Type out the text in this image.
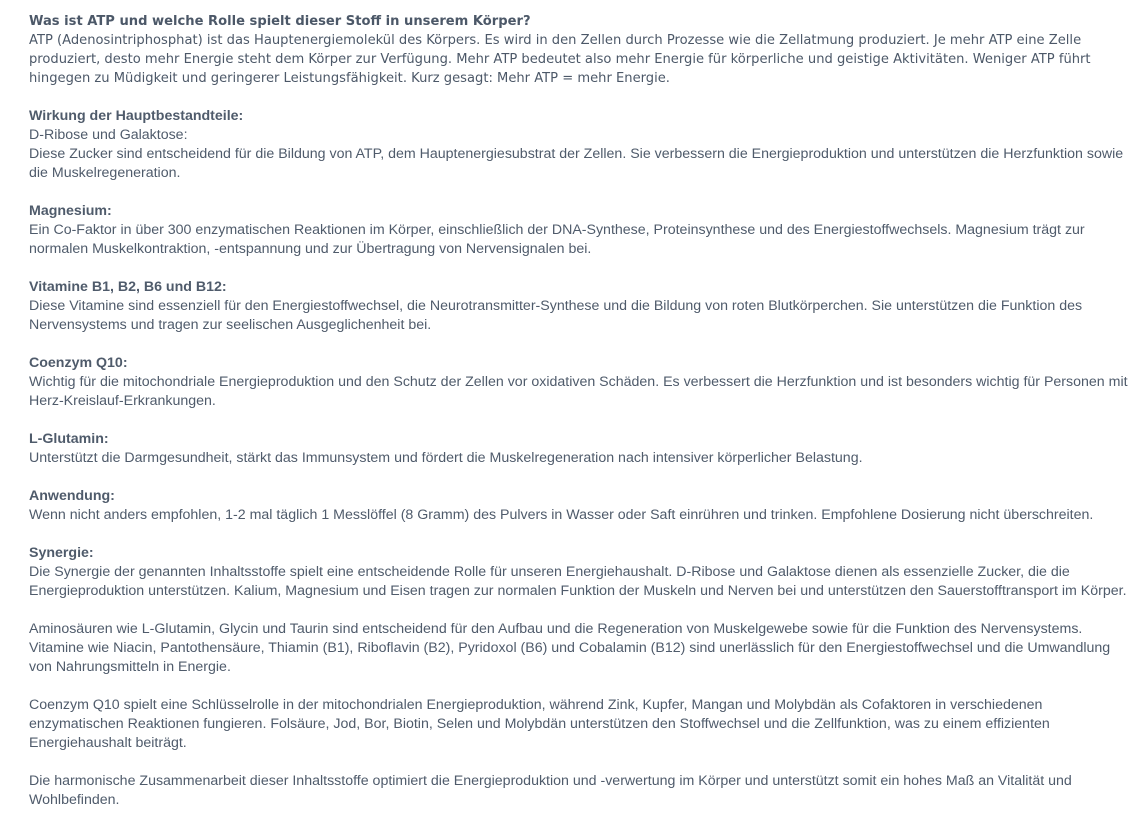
Was ist ATP und welche Rolle spielt dieser Stoff in unserem Körper?
ATP (Adenosintriphosphat) ist das Hauptenergiemolekül des Körpers. Es wird in den Zellen durch Prozesse wie die Zellatmung produziert. Je mehr ATP eine Zelle produziert, desto mehr Energie steht dem Körper zur Verfügung. Mehr ATP bedeutet also mehr Energie für körperliche und geistige Aktivitäten. Weniger ATP führt hingegen zu Müdigkeit und geringerer Leistungsfähigkeit. Kurz gesagt: Mehr ATP = mehr Energie.

Wirkung der Hauptbestandteile:
D-Ribose und Galaktose:
Diese Zucker sind entscheidend für die Bildung von ATP, dem Hauptenergiesubstrat der Zellen. Sie verbessern die Energieproduktion und unterstützen die Herzfunktion sowie die Muskelregeneration.

Magnesium:
Ein Co-Faktor in über 300 enzymatischen Reaktionen im Körper, einschließlich der DNA-Synthese, Proteinsynthese und des Energiestoffwechsels. Magnesium trägt zur normalen Muskelkontraktion, -entspannung und zur Übertragung von Nervensignalen bei.

Vitamine B1, B2, B6 und B12:
Diese Vitamine sind essenziell für den Energiestoffwechsel, die Neurotransmitter-Synthese und die Bildung von roten Blutkörperchen. Sie unterstützen die Funktion des Nervensystems und tragen zur seelischen Ausgeglichenheit bei.

Coenzym Q10:
Wichtig für die mitochondriale Energieproduktion und den Schutz der Zellen vor oxidativen Schäden. Es verbessert die Herzfunktion und ist besonders wichtig für Personen mit Herz-Kreislauf-Erkrankungen.

L-Glutamin:
Unterstützt die Darmgesundheit, stärkt das Immunsystem und fördert die Muskelregeneration nach intensiver körperlicher Belastung.

Anwendung:
Wenn nicht anders empfohlen, 1-2 mal täglich 1 Messlöffel (8 Gramm) des Pulvers in Wasser oder Saft einrühren und trinken. Empfohlene Dosierung nicht überschreiten.

Synergie:
Die Synergie der genannten Inhaltsstoffe spielt eine entscheidende Rolle für unseren Energiehaushalt. D-Ribose und Galaktose dienen als essenzielle Zucker, die die Energieproduktion unterstützen. Kalium, Magnesium und Eisen tragen zur normalen Funktion der Muskeln und Nerven bei und unterstützen den Sauerstofftransport im Körper.

Aminosäuren wie L-Glutamin, Glycin und Taurin sind entscheidend für den Aufbau und die Regeneration von Muskelgewebe sowie für die Funktion des Nervensystems. Vitamine wie Niacin, Pantothensäure, Thiamin (B1), Riboflavin (B2), Pyridoxol (B6) und Cobalamin (B12) sind unerlässlich für den Energiestoffwechsel und die Umwandlung von Nahrungsmitteln in Energie.

Coenzym Q10 spielt eine Schlüsselrolle in der mitochondrialen Energieproduktion, während Zink, Kupfer, Mangan und Molybdän als Cofaktoren in verschiedenen enzymatischen Reaktionen fungieren. Folsäure, Jod, Bor, Biotin, Selen und Molybdän unterstützen den Stoffwechsel und die Zellfunktion, was zu einem effizienten Energiehaushalt beiträgt.

Die harmonische Zusammenarbeit dieser Inhaltsstoffe optimiert die Energieproduktion und -verwertung im Körper und unterstützt somit ein hohes Maß an Vitalität und Wohlbefinden.
